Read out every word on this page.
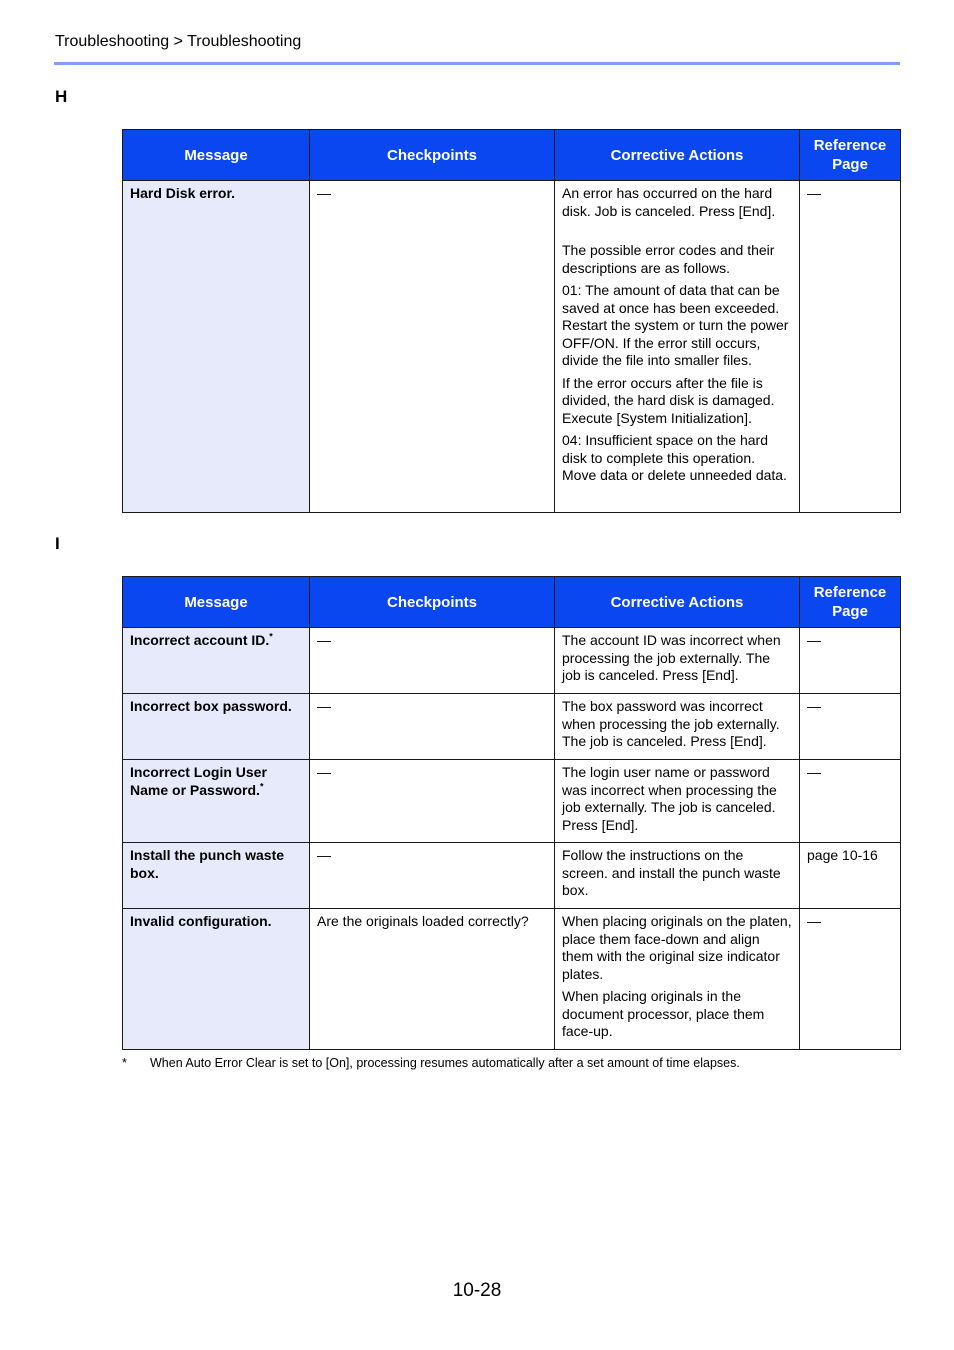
Troubleshooting > Troubleshooting
H
Message	Checkpoints	Corrective Actions	Reference
Page
Hard Disk error.	—	An error has occurred on the hard disk. Job is canceled. Press [End].

The possible error codes and their descriptions are as follows.

01: The amount of data that can be saved at once has been exceeded. Restart the system or turn the power OFF/ON. If the error still occurs, divide the file into smaller files.

If the error occurs after the file is divided, the hard disk is damaged. Execute [System Initialization].

04: Insufficient space on the hard disk to complete this operation. Move data or delete unneeded data.	—
I
Message	Checkpoints	Corrective Actions	Reference
Page
Incorrect account ID.*	—	The account ID was incorrect when processing the job externally. The job is canceled. Press [End].	—
Incorrect box password.	—	The box password was incorrect when processing the job externally. The job is canceled. Press [End].	—
Incorrect Login User
Name or Password.*	—	The login user name or password was incorrect when processing the job externally. The job is canceled. Press [End].	—
Install the punch waste box.	—	Follow the instructions on the screen. and install the punch waste box.	page 10-16
Invalid configuration.	Are the originals loaded correctly?	When placing originals on the platen, place them face-down and align them with the original size indicator plates.

When placing originals in the document processor, place them face-up.	—
* When Auto Error Clear is set to [On], processing resumes automatically after a set amount of time elapses.
10-28
